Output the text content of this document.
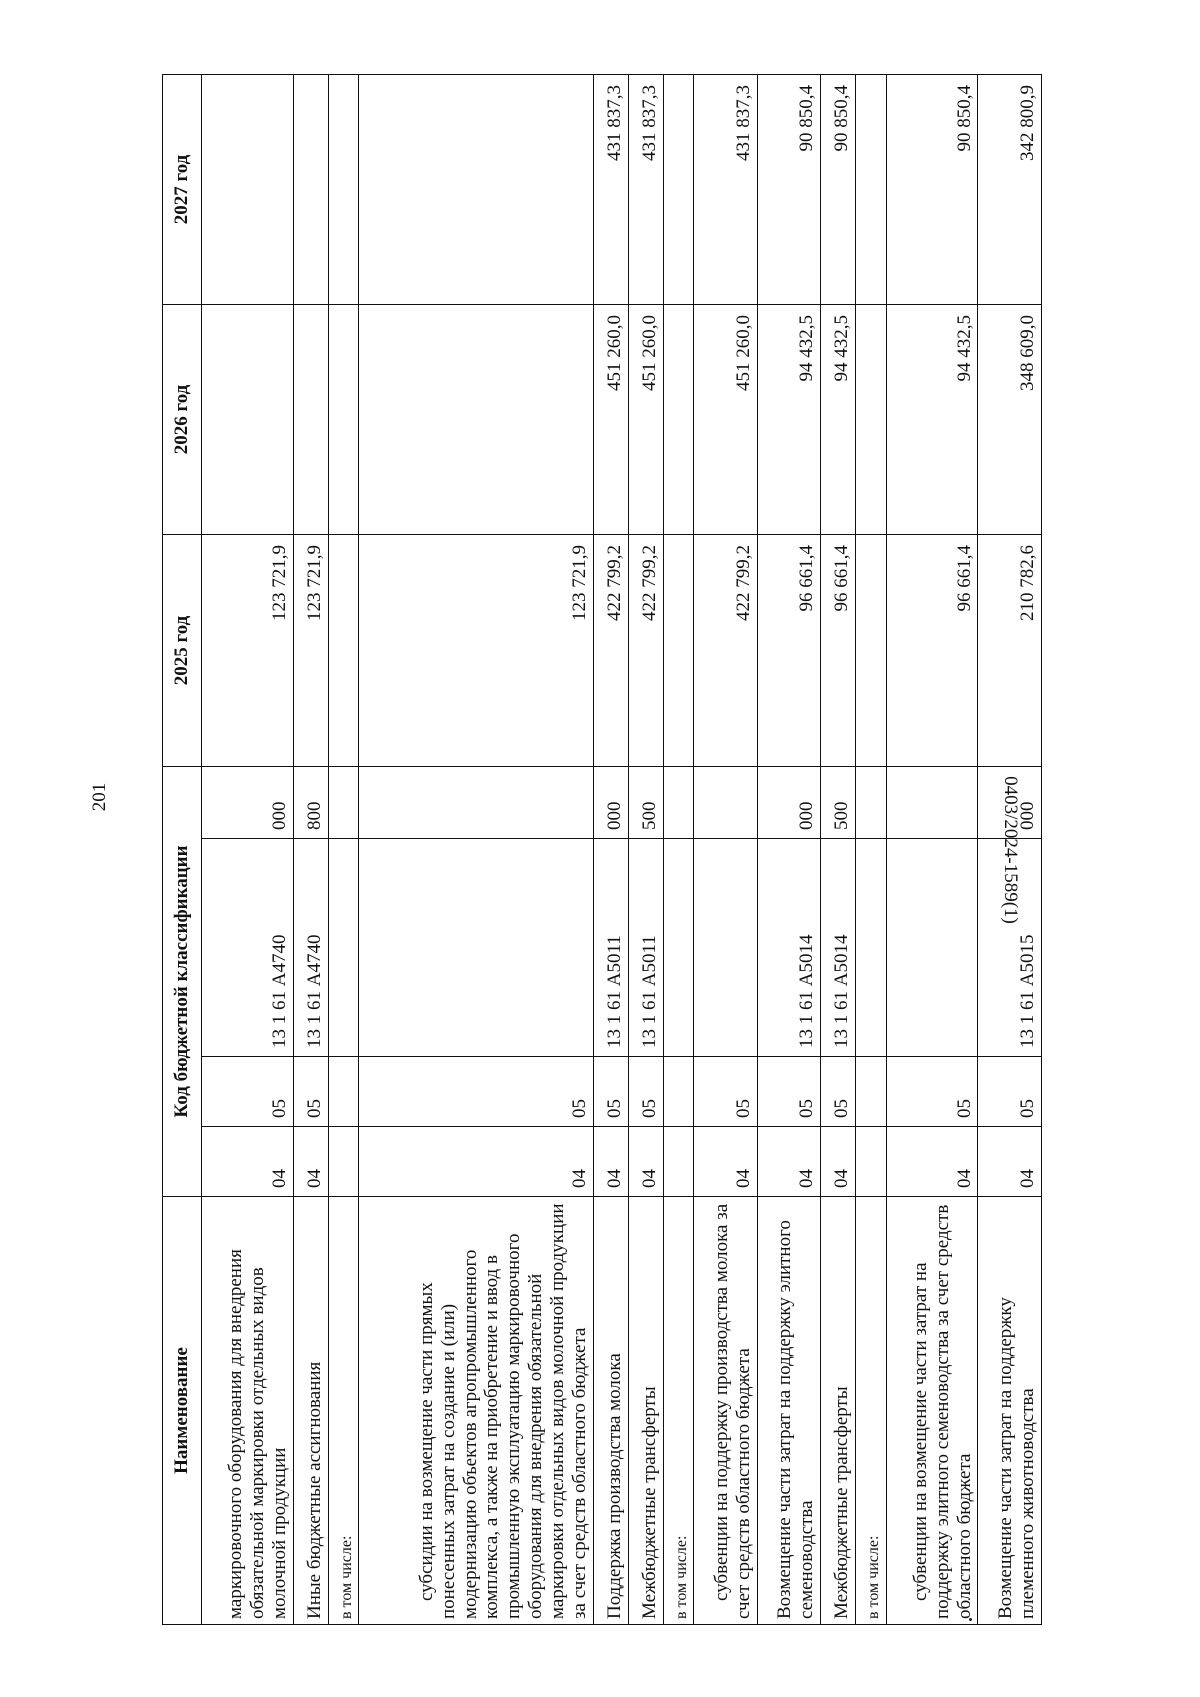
201	0403/2024-1589(1)
Наименование	Код бюджетной классификации				2025 год	2026 год	2027 год
маркировочного оборудования для внедрения обязательной маркировки отдельных видов молочной продукции	04	05	13 1 61 А4740	000	123 721,9		
Иные бюджетные ассигнования	04	05	13 1 61 А4740	800	123 721,9		
в том числе:							
субсидии на возмещение части прямых понесенных затрат на создание и (или) модернизацию объектов агропромышленного комплекса, а также на приобретение и ввод в промышленную эксплуатацию маркировочного оборудования для внедрения обязательной маркировки отдельных видов молочной продукции за счет средств областного бюджета	04	05			123 721,9		
Поддержка производства молока	04	05	13 1 61 А5011	000	422 799,2	451 260,0	431 837,3
Межбюджетные трансферты	04	05	13 1 61 А5011	500	422 799,2	451 260,0	431 837,3
в том числе:							
субвенции на поддержку производства молока за счет средств областного бюджета	04	05			422 799,2	451 260,0	431 837,3
Возмещение части затрат на поддержку элитного семеноводства	04	05	13 1 61 А5014	000	96 661,4	94 432,5	90 850,4
Межбюджетные трансферты	04	05	13 1 61 А5014	500	96 661,4	94 432,5	90 850,4
в том числе:							
субвенции на возмещение части затрат на поддержку элитного семеноводства за счет средств областного бюджета	04	05			96 661,4	94 432,5	90 850,4
Возмещение части затрат на поддержку племенного животноводства	04	05	13 1 61 А5015	000	210 782,6	348 609,0	342 800,9
